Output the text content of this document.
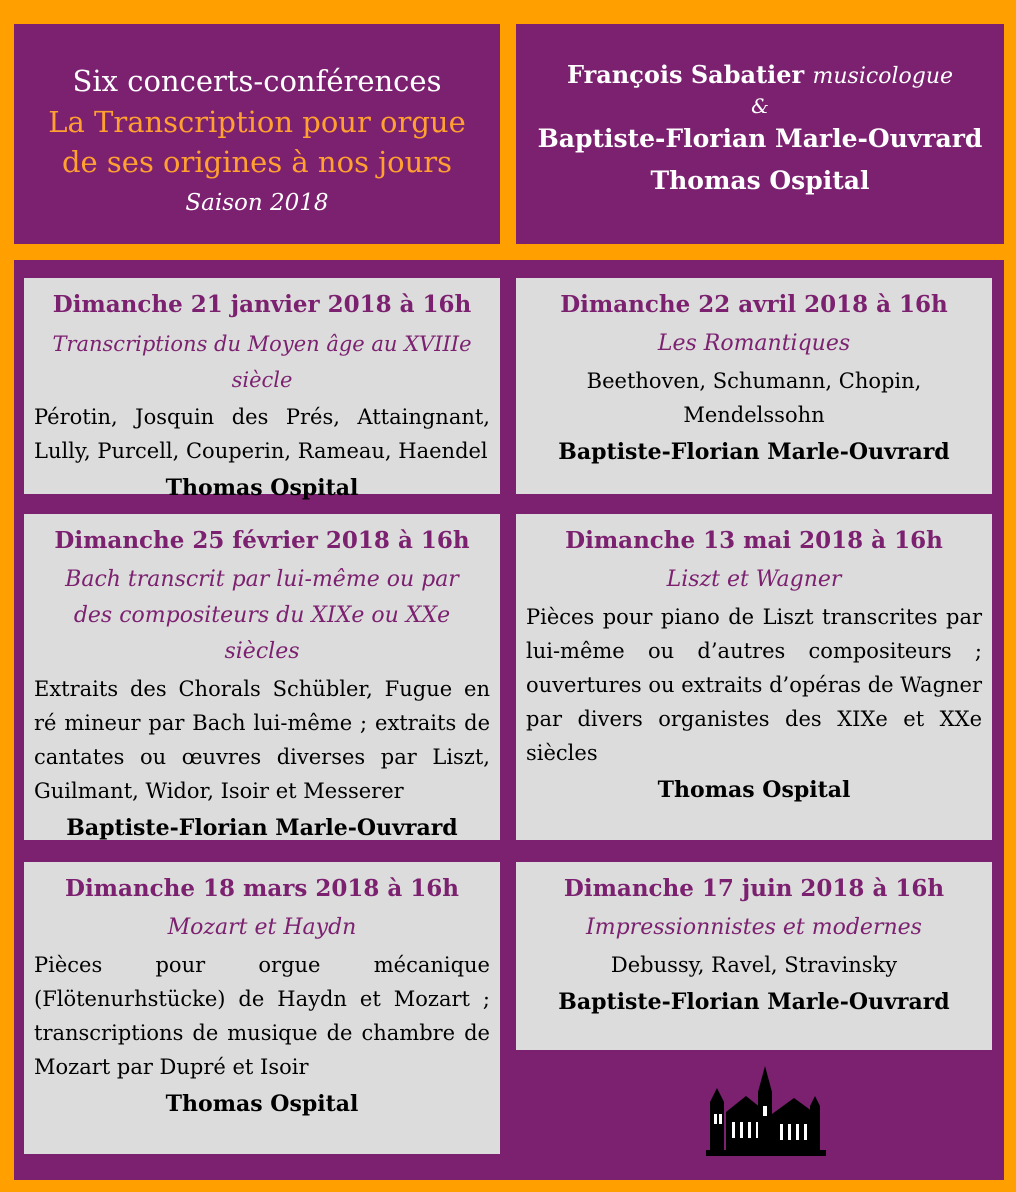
Six concerts-conférences
La Transcription pour orgue
de ses origines à nos jours
Saison 2018
François Sabatier musicologue
&
Baptiste-Florian Marle-Ouvrard
Thomas Ospital
Dimanche 21 janvier 2018 à 16h
Transcriptions du Moyen âge au XVIIIe siècle
Pérotin, Josquin des Prés, Attaingnant, Lully, Purcell, Couperin, Rameau, Haendel
Thomas Ospital
Dimanche 22 avril 2018 à 16h
Les Romantiques
Beethoven, Schumann, Chopin, Mendelssohn
Baptiste-Florian Marle-Ouvrard
Dimanche 25 février 2018 à 16h
Bach transcrit par lui-même ou par des compositeurs du XIXe ou XXe siècles
Extraits des Chorals Schübler, Fugue en ré mineur par Bach lui-même ; extraits de cantates ou œuvres diverses par Liszt, Guilmant, Widor, Isoir et Messerer
Baptiste-Florian Marle-Ouvrard
Dimanche 13 mai 2018 à 16h
Liszt et Wagner
Pièces pour piano de Liszt transcrites par lui-même ou d’autres compositeurs ; ouvertures ou extraits d’opéras de Wagner par divers organistes des XIXe et XXe siècles
Thomas Ospital
Dimanche 18 mars 2018 à 16h
Mozart et Haydn
Pièces pour orgue mécanique (Flötenurhstücke) de Haydn et Mozart ; transcriptions de musique de chambre de Mozart par Dupré et Isoir
Thomas Ospital
Dimanche 17 juin 2018 à 16h
Impressionnistes et modernes
Debussy, Ravel, Stravinsky
Baptiste-Florian Marle-Ouvrard
